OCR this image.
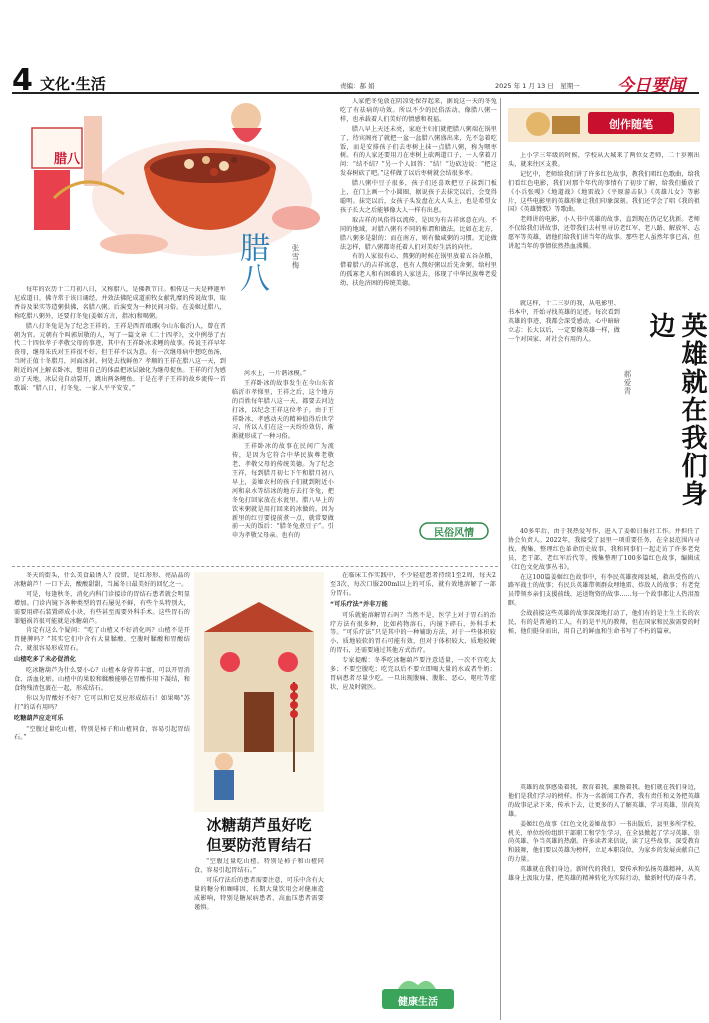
4 文化·生活	责编：郝 娟	2025 年 1 月 13 日　星期一 今日要闻
腊八
腊八	张雪梅

每年的农历十二月初八日，又称腊八，是佛教节日。相传这一天是释迦牟尼成道日，佛寺常于该日诵经，并效法佛陀成道前牧女献乳糜的传说故事，取香谷及果实等造粥供佛，名腊八粥。后演变为一种民间习俗。在姜姬过腊八，称吃腊八粥外，还要打冬兔(姜姬方言，指冰)和喝粥。

腊八打冬兔是为了纪念王祥的。王祥是西晋琅琊(今山东临沂)人，曾在晋朝为官。元朝有个叫郭居敬的人，写了一篇文章《二十四孝》，文中例举了古代二十四位孝子孝敬父母的事迹，其中有王祥卧冰求鲤的故事。传说王祥早年丧母，继母朱氏对王祥很不好，但王祥不以为意。有一次继母病中想吃鱼汤，当时正值十冬腊月，河面冰封，何处去找鲜鱼？孝顺的王祥在腊八这一天，到附近的河上解衣卧冰，想用自己的体温把冰层融化为继母捉鱼。王祥的行为感动了天地，冰层竟自动裂开，跳出两条鲤鱼。于是在孝子王祥的故乡流传一首歌谣：“腊八日，打冬兔，一家人平平安安。”

河水上，一片谐冰模。”

王祥卧冰的故事发生在今山东省临沂市孝悌里，王祥之后，这个地方的百姓每年腊八这一天，都要去河边打冰，以纪念王祥这位孝子。由于王祥卧冰、孝感动天的精神值得后世学习，所以人们在这一天纷纷效仿，渐渐就形成了一种习俗。

王祥卧冰的故事在民间广为流传，是因为它符合中华民族尊老敬老、孝敬父母的传统美德。为了纪念王祥，每到腊月初七下午和腊月初八早上，姜姬农村的孩子们就到附近小河和泉水等结冰的地方去打冬兔，把冬兔打回家放在水瓮里。腊八早上的饮米粥就是用打回来的冰做的。因为新里的红豆要提前煮一点，就常要做前一天的饭后：“腊冬兔煮豆子”。引申为孝敬父母亲。也有的

人家把冬兔放在阴凉处保存起来，据说这一天的冬兔吃了有祛病的功效。所以不少的民俗活动，像腊八粥一样，也承载着人们美好的情感和祝福。

腊八早上天还未亮，家庭主妇们就把腊八粥端在锅里了，待宾阁亮了就把一盆一盆腊八粥盛出来，先不急着吃饭，而是安排孩子们去枣树上抹一点腊八粥，称为喂枣树。有的人家还要用刀在枣树上砍两道口子，一人拿着刀问：“结不结？”另一个人回答：“结！”边砍边说：“把这发春树砍了吧。”这样做了以后枣树就会结很多枣。

腊八粥中豆子很多，孩子们还喜欢把豆子抹到门板上，在门上画一个小圆圈，据说孩子去抹完以后，会变得聪明。抹完以后，女孩子头发盘在大人头上，也是希望女孩子长大之后能够像大人一样有出息。

取吉祥的风俗得以流传，是因为有吉祥寓意在内。不同的地域，对腊八粥有不同的称谓和做法。比如在北方，腊八粥多是甜的；而在南方，则有做咸粥的习惯。无论做法怎样，腊八粥都寄托着人们对美好生活的向往。

有的人家很有心，熬粥的时候在锅里放着五谷杂粮，借着腊八的吉祥寓意，也有人熬好粥以后先舍粥，给村里的孤寡老人和有困难的人家送去，体现了中华民族尊老爱幼、扶危济困的传统美德。

民俗风情
创作随笔

上小学三年级的时候，学校从大城来了两位女老师，二十岁刚出头，就来往区支教。

记忆中，老师给我们讲了许多红色故事，教我们唱红色歌曲，给我们看红色电影，我们对那个年代的事情有了初步了解，给我们播放了《小兵张嘎》《地道战》《地雷战》《平原游击队》《英雄儿女》等影片，这些电影里的英雄形象让我们印象深刻。我们还学会了唱《我的祖国》《英雄赞歌》等歌曲。

老师讲的电影，小人书中英雄的故事，直到现在仍记忆犹新。老师不仅给我们讲故事，还带我们去村里寻访老红军、老八路、解放军、志愿军等英雄，请他们给我们讲当年的故事。那些老人虽然年事已高，但讲起当年的事情依然热血沸腾。

就这样，十二三岁的我，从电影里、书本中，开始寻找英雄的足迹。每次看到英雄的事迹，我都会深受感动，心中暗暗立志：长大以后，一定要像英雄一样，做一个对国家、对社会有用的人。	英雄就在我们身边
郝爱青

40多年后，由于我热爱写作，进入了姜姬日报社工作。并担任了协会负责人。2022年，我接受了县里一项重要任务，在全县范围内寻找、搜集、整理红色革命历史故事，我和同事们一起走访了许多老党员、老干部、老红军后代等，搜集整理了100多篇红色故事，编辑成《红色文化故事丛书》。

在这100篇姜姬红色故事中，有李民英雄夜闯县城，救出受伤的八路军战士的故事；有民兵英雄带领群众埋地雷、炸敌人的故事；有老党员带领乡亲们支援前线、运送物资的故事……每一个故事都让人热泪盈眶。

会战前接这些英雄的故事深深地打动了，他们有的是土生土长的农民，有的是普通的工人，有的是平凡的教师，但在国家和民族需要的时候，他们挺身而出，用自己的鲜血和生命书写了不朽的篇章。

英雄的故事感染着我，教育着我，激励着我。他们就在我们身边，他们是我们学习的榜样。作为一名新闻工作者，我有责任和义务把英雄的故事记录下来，传承下去，让更多的人了解英雄、学习英雄、崇尚英雄。

姜姬红色故事《红色文化姜姬故事》一书出版后，县里多所学校、机关、单位纷纷组织干部职工和学生学习，在全县掀起了学习英雄、崇尚英雄、争当英雄的热潮。许多读者来信说，读了这些故事，深受教育和鼓舞，他们要以英雄为榜样，立足本职岗位，为家乡的发展贡献自己的力量。

英雄就在我们身边。新时代的我们，要传承和弘扬英雄精神，从英雄身上汲取力量，把英雄的精神转化为实际行动，做新时代的奋斗者。

冬天的街头，什么美食最诱人？没错，是红形形、亮晶晶的冰糖葫芦！一口下去，酸酸甜甜，当属冬日最美好的回忆之一。

可是，每逢秋冬，消化内科门诊接诊的胃结石患者就会明显增加。门诊内镜下各种类型的胃石屡见不鲜，有些个头特别大，需要用碎石装置碎成小块，有些甚至需要外科手术。这些胃石的罪魁祸首很可能就是冰糖葫芦。

肯定有这么个疑问：“吃了山楂又不好消化吗？山楂不是开胃健脾吗？”其实它们中含有大量鞣酸，空腹时鞣酸和胃酸结合，就很容易形成胃石。

山楂吃多了未必促消化

吃冰糖葫芦为什么要小心？山楂本身营养丰富，可以开胃消食、活血化瘀。山楂中的果胶和鞣酸能够在胃酸作用下凝结，和食物残渣包裹在一起，形成结石。

你以为胃酸好不好？它可以和它反应形成结石！如果喝“苏打”的话有用吗？

吃糖葫芦应走可乐

“空腹过量吃山楂，特别是柿子和山楂同食，容易引起胃结石。”

冰糖葫芦虽好吃
但要防范胃结石

“空腹过量吃山楂，特别是柿子和山楂同食，容易引起胃结石。”

可乐疗法后的患者需要注意，可乐中含有大量的糖分和咖啡因，长期大量饮用会对健康造成影响，特别是糖尿病患者、高血压患者需要谨慎。

在临床工作实践中，不少轻症患者持续1至2周，每天2至3次，每次口服200ml以上的可乐，就有效地溶解了一部分胃石。

“可乐疗法”并非万能

可乐就能溶解胃石吗？当然不是，医学上对于胃石的治疗方法有很多种，比如药物溶石、内镜下碎石、外科手术等。“可乐疗法”只是其中的一种辅助方法，对于一些体积较小、质地较软的胃石可能有效，但对于体积较大、质地较硬的胃石，还需要通过其他方式治疗。

专家提醒：冬季吃冰糖葫芦要注意适量，一次不宜吃太多；不要空腹吃；吃完以后不要立即喝大量的水或者牛奶；胃病患者尽量少吃。一旦出现腹痛、腹胀、恶心、呕吐等症状，应及时就医。

健康生活
